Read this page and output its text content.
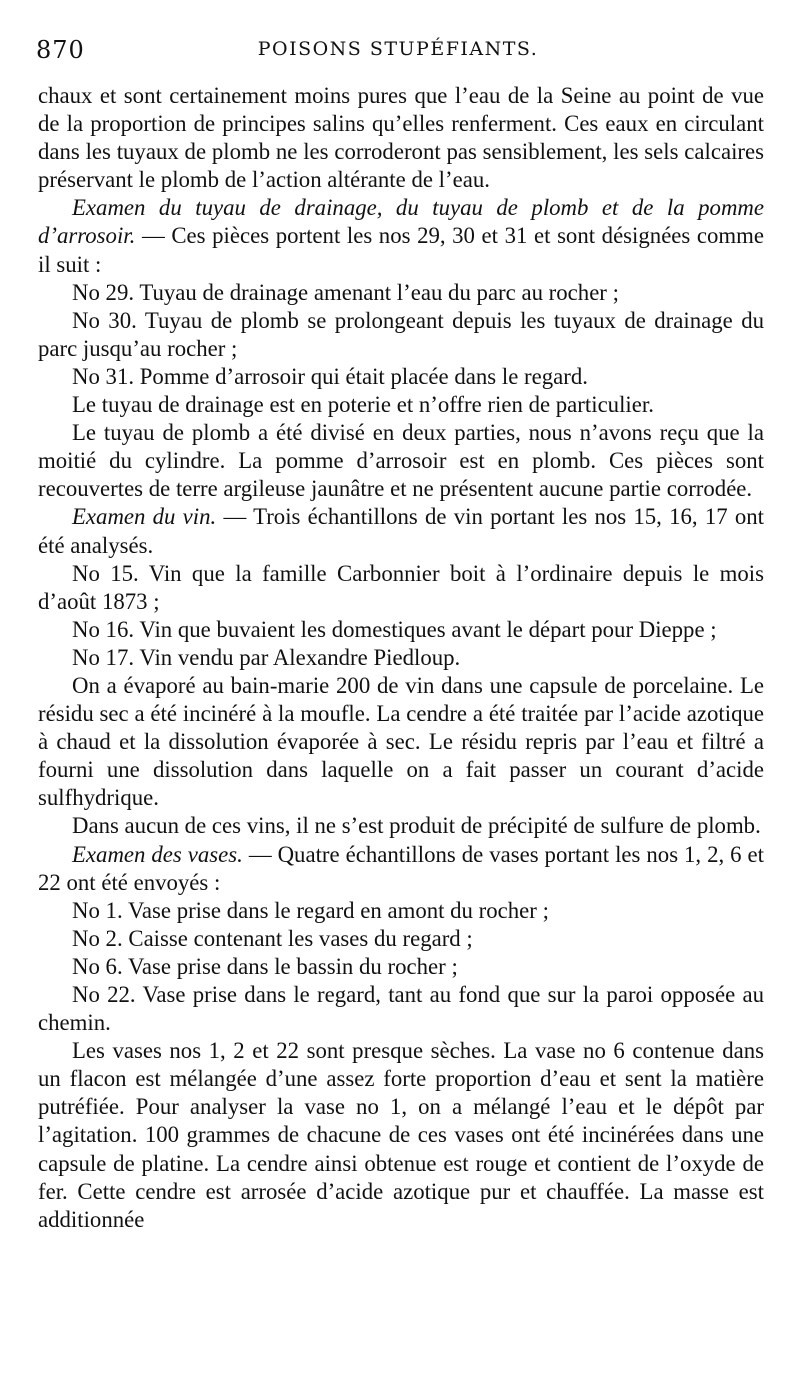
870	POISONS STUPÉFIANTS.

chaux et sont certainement moins pures que l’eau de la Seine au point de vue de la proportion de principes salins qu’elles renferment. Ces eaux en circulant dans les tuyaux de plomb ne les corroderont pas sensiblement, les sels calcaires préservant le plomb de l’action altérante de l’eau.

Examen du tuyau de drainage, du tuyau de plomb et de la pomme d’arrosoir. — Ces pièces portent les nos 29, 30 et 31 et sont désignées comme il suit :

No 29. Tuyau de drainage amenant l’eau du parc au rocher ;

No 30. Tuyau de plomb se prolongeant depuis les tuyaux de drainage du parc jusqu’au rocher ;

No 31. Pomme d’arrosoir qui était placée dans le regard.

Le tuyau de drainage est en poterie et n’offre rien de particulier.

Le tuyau de plomb a été divisé en deux parties, nous n’avons reçu que la moitié du cylindre. La pomme d’arrosoir est en plomb. Ces pièces sont recouvertes de terre argileuse jaunâtre et ne présentent aucune partie corrodée.

Examen du vin. — Trois échantillons de vin portant les nos 15, 16, 17 ont été analysés.

No 15. Vin que la famille Carbonnier boit à l’ordinaire depuis le mois d’août 1873 ;

No 16. Vin que buvaient les domestiques avant le départ pour Dieppe ;

No 17. Vin vendu par Alexandre Piedloup.

On a évaporé au bain-marie 200 de vin dans une capsule de porcelaine. Le résidu sec a été incinéré à la moufle. La cendre a été traitée par l’acide azotique à chaud et la dissolution évaporée à sec. Le résidu repris par l’eau et filtré a fourni une dissolution dans laquelle on a fait passer un courant d’acide sulfhydrique.

Dans aucun de ces vins, il ne s’est produit de précipité de sulfure de plomb.

Examen des vases. — Quatre échantillons de vases portant les nos 1, 2, 6 et 22 ont été envoyés :

No 1. Vase prise dans le regard en amont du rocher ;

No 2. Caisse contenant les vases du regard ;

No 6. Vase prise dans le bassin du rocher ;

No 22. Vase prise dans le regard, tant au fond que sur la paroi opposée au chemin.

Les vases nos 1, 2 et 22 sont presque sèches. La vase no 6 contenue dans un flacon est mélangée d’une assez forte proportion d’eau et sent la matière putréfiée. Pour analyser la vase no 1, on a mélangé l’eau et le dépôt par l’agitation. 100 grammes de chacune de ces vases ont été incinérées dans une capsule de platine. La cendre ainsi obtenue est rouge et contient de l’oxyde de fer. Cette cendre est arrosée d’acide azotique pur et chauffée. La masse est additionnée
